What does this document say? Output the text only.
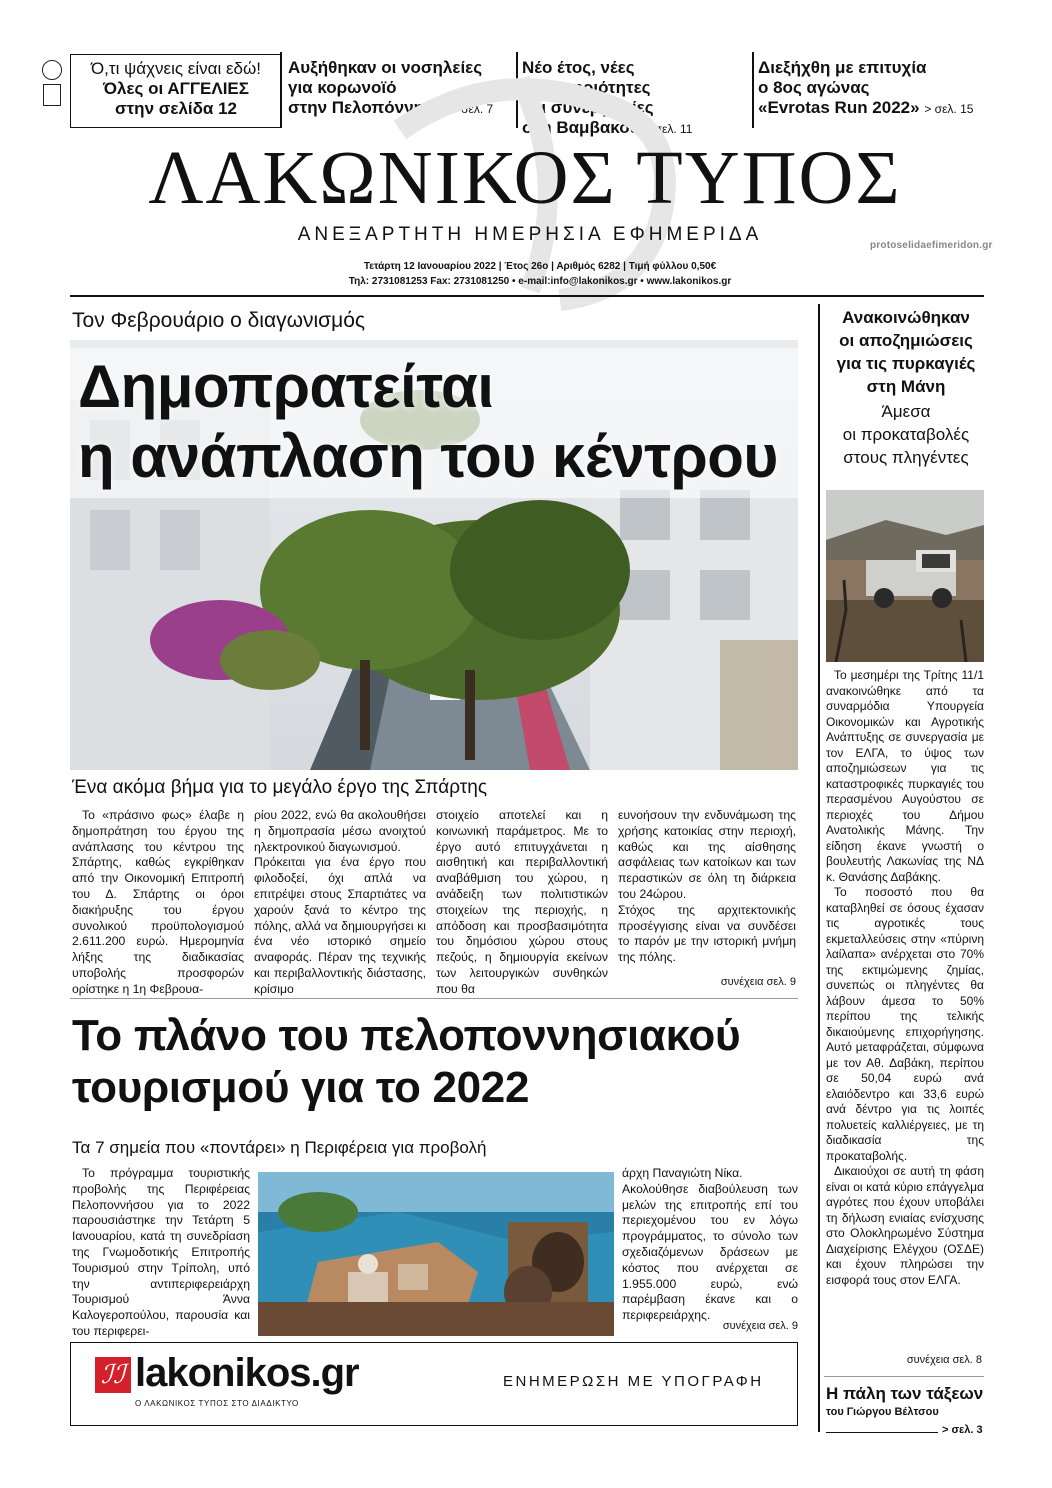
Ό,τι ψάχνεις είναι εδώ!
Όλες οι ΑΓΓΕΛΙΕΣ
στην σελίδα 12
Αυξήθηκαν οι νοσηλείες
για κορωνοϊό
στην Πελοπόννησο > σελ. 7
Νέο έτος, νέες δραστηριότητες
και συνεργασίες
στη Βαμβακού > σελ. 11
Διεξήχθη με επιτυχία
ο 8ος αγώνας
«Evrotas Run 2022» > σελ. 15
ΛΑΚΩΝΙΚΟΣ ΤΥΠΟΣ
ΑΝΕΞΑΡΤΗΤΗ ΗΜΕΡΗΣΙΑ ΕΦΗΜΕΡΙΔΑ
protoselidaefimeridon.gr
Τετάρτη 12 Ιανουαρίου 2022 | Έτος 26ο | Αριθμός 6282 | Τιμή φύλλου 0,50€
Τηλ: 2731081253 Fax: 2731081250 • e-mail:info@lakonikos.gr • www.lakonikos.gr
Τον Φεβρουάριο ο διαγωνισμός
Δημοπρατείται
η ανάπλαση του κέντρου
Ένα ακόμα βήμα για το μεγάλο έργο της Σπάρτης
Το «πράσινο φως» έλαβε η δημοπράτηση του έργου της ανάπλασης του κέντρου της Σπάρτης, καθώς εγκρίθηκαν από την Οικονομική Επιτροπή του Δ. Σπάρτης οι όροι διακήρυξης του έργου συνολικού προϋπολογισμού 2.611.200 ευρώ. Ημερομηνία λήξης της διαδικασίας υποβολής προσφορών ορίστηκε η 1η Φεβρουα-
ρίου 2022, ενώ θα ακολουθήσει η δημοπρασία μέσω ανοιχτού ηλεκτρονικού διαγωνισμού.
Πρόκειται για ένα έργο που φιλοδοξεί, όχι απλά να επιτρέψει στους Σπαρτιάτες να χαρούν ξανά το κέντρο της πόλης, αλλά να δημιουργήσει κι ένα νέο ιστορικό σημείο αναφοράς. Πέραν της τεχνικής και περιβαλλοντικής διάστασης, κρίσιμο
στοιχείο αποτελεί και η κοινωνική παράμετρος. Με το έργο αυτό επιτυγχάνεται η αισθητική και περιβαλλοντική αναβάθμιση του χώρου, η ανάδειξη των πολιτιστικών στοιχείων της περιοχής, η απόδοση και προσβασιμότητα του δημόσιου χώρου στους πεζούς, η δημιουργία εκείνων των λειτουργικών συνθηκών που θα
ευνοήσουν την ενδυνάμωση της χρήσης κατοικίας στην περιοχή, καθώς και της αίσθησης ασφάλειας των κατοίκων και των περαστικών σε όλη τη διάρκεια του 24ώρου.
Στόχος της αρχιτεκτονικής προσέγγισης είναι να συνδέσει το παρόν με την ιστορική μνήμη της πόλης.
συνέχεια σελ. 9
Το πλάνο του πελοποννησιακού
τουρισμού για το 2022
Τα 7 σημεία που «ποντάρει» η Περιφέρεια για προβολή
Το πρόγραμμα τουριστικής προβολής της Περιφέρειας Πελοποννήσου για το 2022 παρουσιάστηκε την Τετάρτη 5 Ιανουαρίου, κατά τη συνεδρίαση της Γνωμοδοτικής Επιτροπής Τουρισμού στην Τρίπολη, υπό την αντιπεριφερειάρχη Τουρισμού Άννα Καλογεροπούλου, παρουσία και του περιφερει-
άρχη Παναγιώτη Νίκα.
Ακολούθησε διαβούλευση των μελών της επιτροπής επί του περιεχομένου του εν λόγω προγράμματος, το σύνολο των σχεδιαζόμενων δράσεων με κόστος που ανέρχεται σε 1.955.000 ευρώ, ενώ παρέμβαση έκανε και ο περιφερειάρχης.
συνέχεια σελ. 9
Ανακοινώθηκαν
οι αποζημιώσεις
για τις πυρκαγιές
στη Μάνη
Άμεσα
οι προκαταβολές
στους πληγέντες

Το μεσημέρι της Τρίτης 11/1 ανακοινώθηκε από τα συναρμόδια Υπουργεία Οικονομικών και Αγροτικής Ανάπτυξης σε συνεργασία με τον ΕΛΓΑ, το ύψος των αποζημιώσεων για τις καταστροφικές πυρκαγιές του περασμένου Αυγούστου σε περιοχές του Δήμου Ανατολικής Μάνης. Την είδηση έκανε γνωστή ο βουλευτής Λακωνίας της ΝΔ κ. Θανάσης Δαβάκης.

Το ποσοστό που θα καταβληθεί σε όσους έχασαν τις αγροτικές τους εκμεταλλεύσεις στην «πύρινη λαίλαπα» ανέρχεται στο 70% της εκτιμώμενης ζημίας, συνεπώς οι πληγέντες θα λάβουν άμεσα το 50% περίπου της τελικής δικαιούμενης επιχορήγησης. Αυτό μεταφράζεται, σύμφωνα με τον Αθ. Δαβάκη, περίπου σε 50,04 ευρώ ανά ελαιόδεντρο και 33,6 ευρώ ανά δέντρο για τις λοιπές πολυετείς καλλιέργειες, με τη διαδικασία της προκαταβολής.

Δικαιούχοι σε αυτή τη φάση είναι οι κατά κύριο επάγγελμα αγρότες που έχουν υποβάλει τη δήλωση ενιαίας ενίσχυσης στο Ολοκληρωμένο Σύστημα Διαχείρισης Ελέγχου (ΟΣΔΕ) και έχουν πληρώσει την εισφορά τους στον ΕΛΓΑ.

συνέχεια σελ. 8
Η πάλη των τάξεων
του Γιώργου Βέλτσου
> σελ. 3
ℐℐ lakonikos.gr
Ο ΛΑΚΩΝΙΚΟΣ ΤΥΠΟΣ ΣΤΟ ΔΙΑΔΙΚΤΥΟ
ΕΝΗΜΕΡΩΣΗ ΜΕ ΥΠΟΓΡΑΦΗ
